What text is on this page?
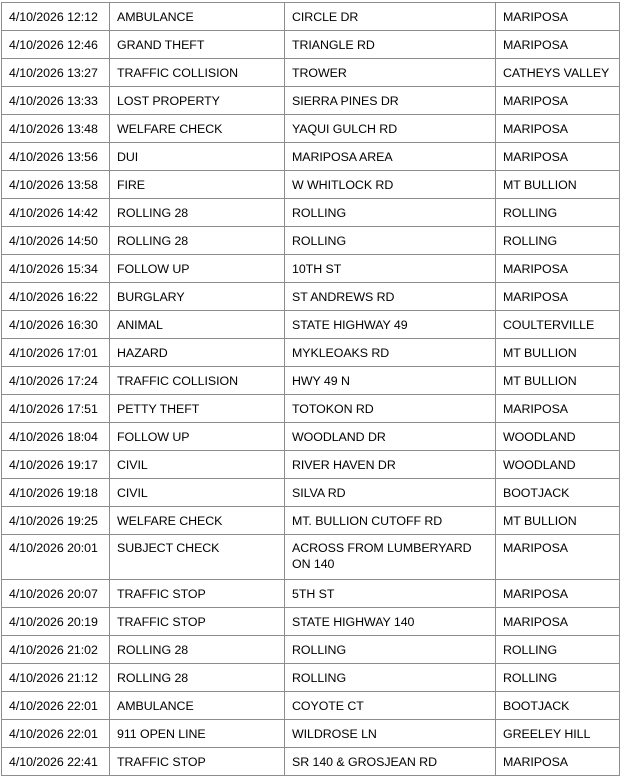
4/10/2026 12:12	AMBULANCE	CIRCLE DR	MARIPOSA
4/10/2026 12:46	GRAND THEFT	TRIANGLE RD	MARIPOSA
4/10/2026 13:27	TRAFFIC COLLISION	TROWER	CATHEYS VALLEY
4/10/2026 13:33	LOST PROPERTY	SIERRA PINES DR	MARIPOSA
4/10/2026 13:48	WELFARE CHECK	YAQUI GULCH RD	MARIPOSA
4/10/2026 13:56	DUI	MARIPOSA AREA	MARIPOSA
4/10/2026 13:58	FIRE	W WHITLOCK RD	MT BULLION
4/10/2026 14:42	ROLLING 28	ROLLING	ROLLING
4/10/2026 14:50	ROLLING 28	ROLLING	ROLLING
4/10/2026 15:34	FOLLOW UP	10TH ST	MARIPOSA
4/10/2026 16:22	BURGLARY	ST ANDREWS RD	MARIPOSA
4/10/2026 16:30	ANIMAL	STATE HIGHWAY 49	COULTERVILLE
4/10/2026 17:01	HAZARD	MYKLEOAKS RD	MT BULLION
4/10/2026 17:24	TRAFFIC COLLISION	HWY 49 N	MT BULLION
4/10/2026 17:51	PETTY THEFT	TOTOKON RD	MARIPOSA
4/10/2026 18:04	FOLLOW UP	WOODLAND DR	WOODLAND
4/10/2026 19:17	CIVIL	RIVER HAVEN DR	WOODLAND
4/10/2026 19:18	CIVIL	SILVA RD	BOOTJACK
4/10/2026 19:25	WELFARE CHECK	MT. BULLION CUTOFF RD	MT BULLION
4/10/2026 20:01	SUBJECT CHECK	ACROSS FROM LUMBERYARD ON 140	MARIPOSA
4/10/2026 20:07	TRAFFIC STOP	5TH ST	MARIPOSA
4/10/2026 20:19	TRAFFIC STOP	STATE HIGHWAY 140	MARIPOSA
4/10/2026 21:02	ROLLING 28	ROLLING	ROLLING
4/10/2026 21:12	ROLLING 28	ROLLING	ROLLING
4/10/2026 22:01	AMBULANCE	COYOTE CT	BOOTJACK
4/10/2026 22:01	911 OPEN LINE	WILDROSE LN	GREELEY HILL
4/10/2026 22:41	TRAFFIC STOP	SR 140 & GROSJEAN RD	MARIPOSA
